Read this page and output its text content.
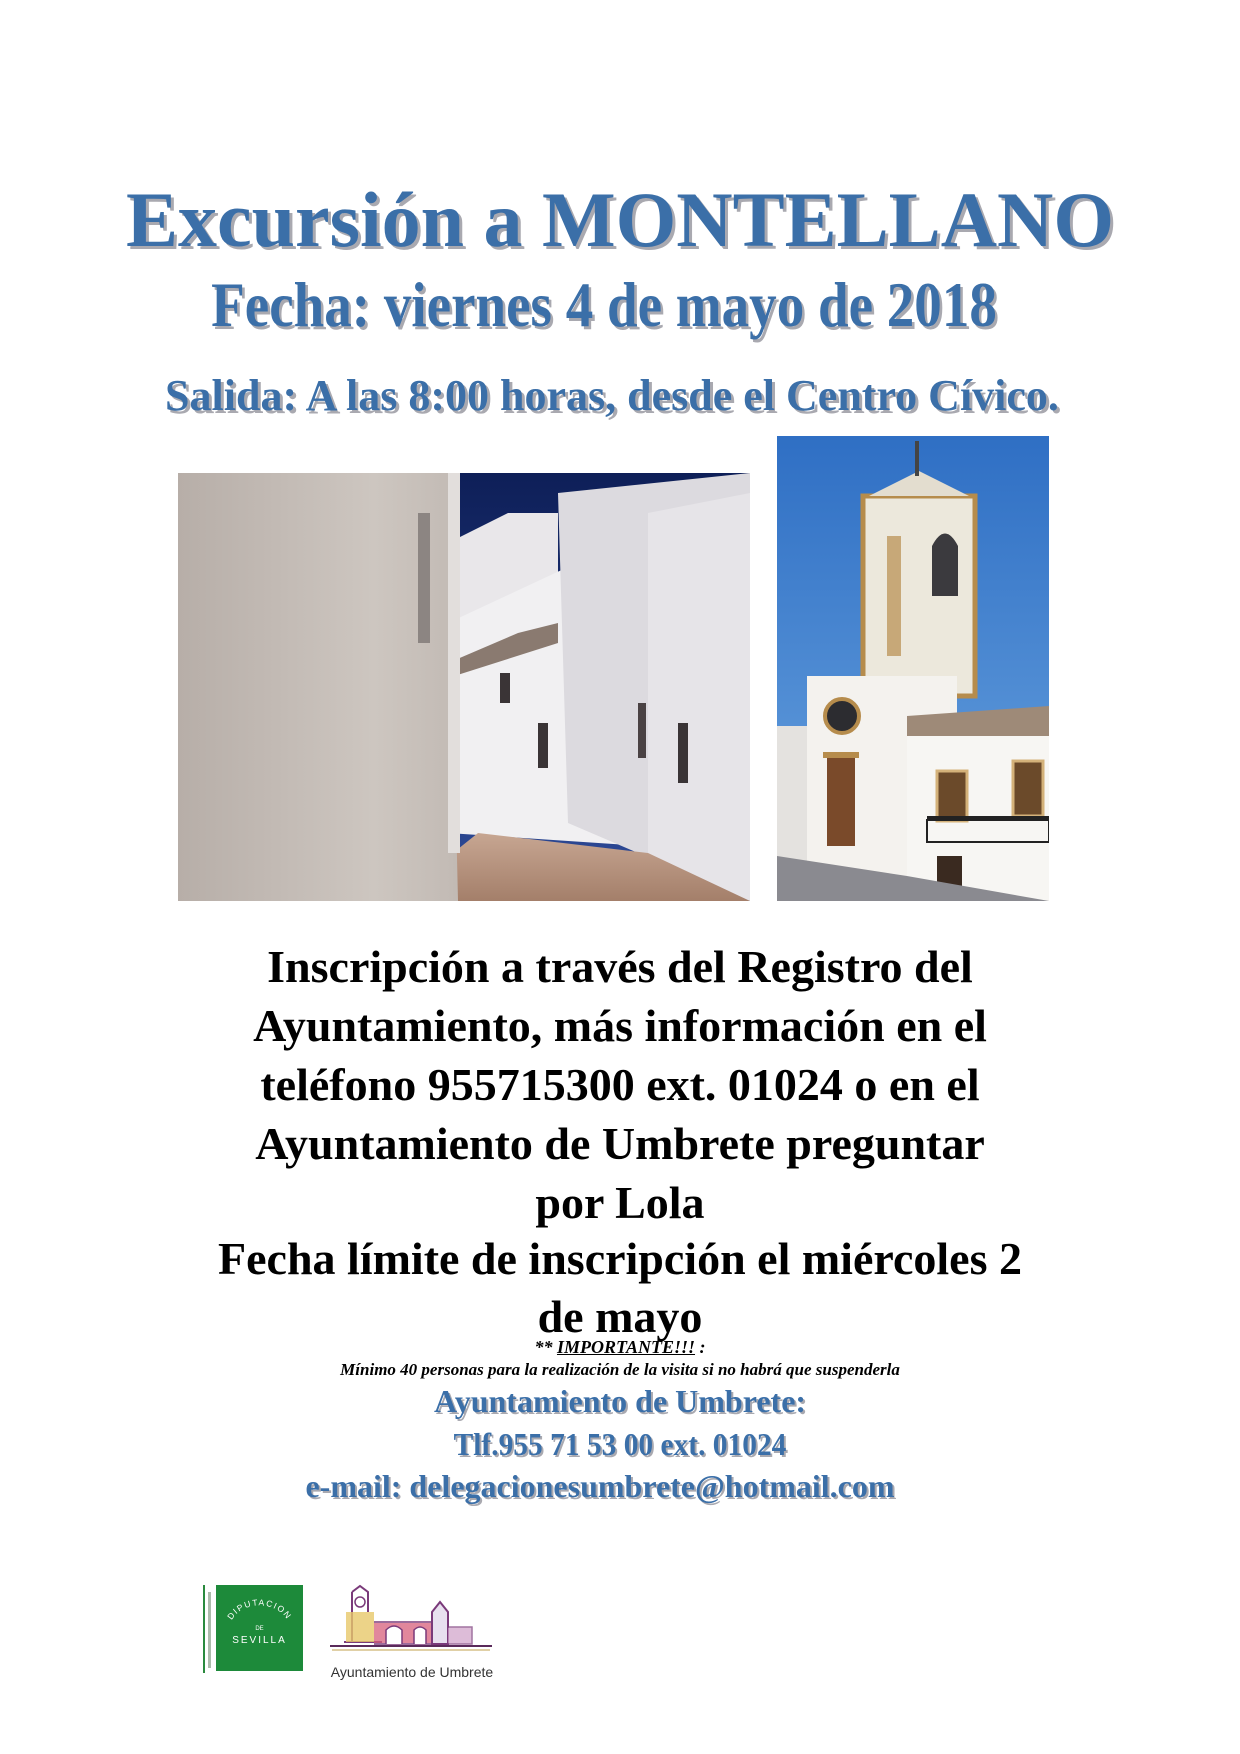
Excursión a MONTELLANO
Fecha: viernes 4 de mayo de 2018
Salida: A las 8:00 horas, desde el Centro Cívico.
Inscripción a través del Registro del
Ayuntamiento, más información en el
teléfono 955715300 ext. 01024 o en el
Ayuntamiento de Umbrete preguntar
por Lola
Fecha límite de inscripción el miércoles 2
de mayo
** IMPORTANTE!!! :
Mínimo 40 personas para la realización de la visita si no habrá que suspenderla
Ayuntamiento de Umbrete:
Tlf.955 71 53 00 ext. 01024
e-mail: delegacionesumbrete@hotmail.com
DIPUTACION
DE
SEVILLA
Ayuntamiento de Umbrete
